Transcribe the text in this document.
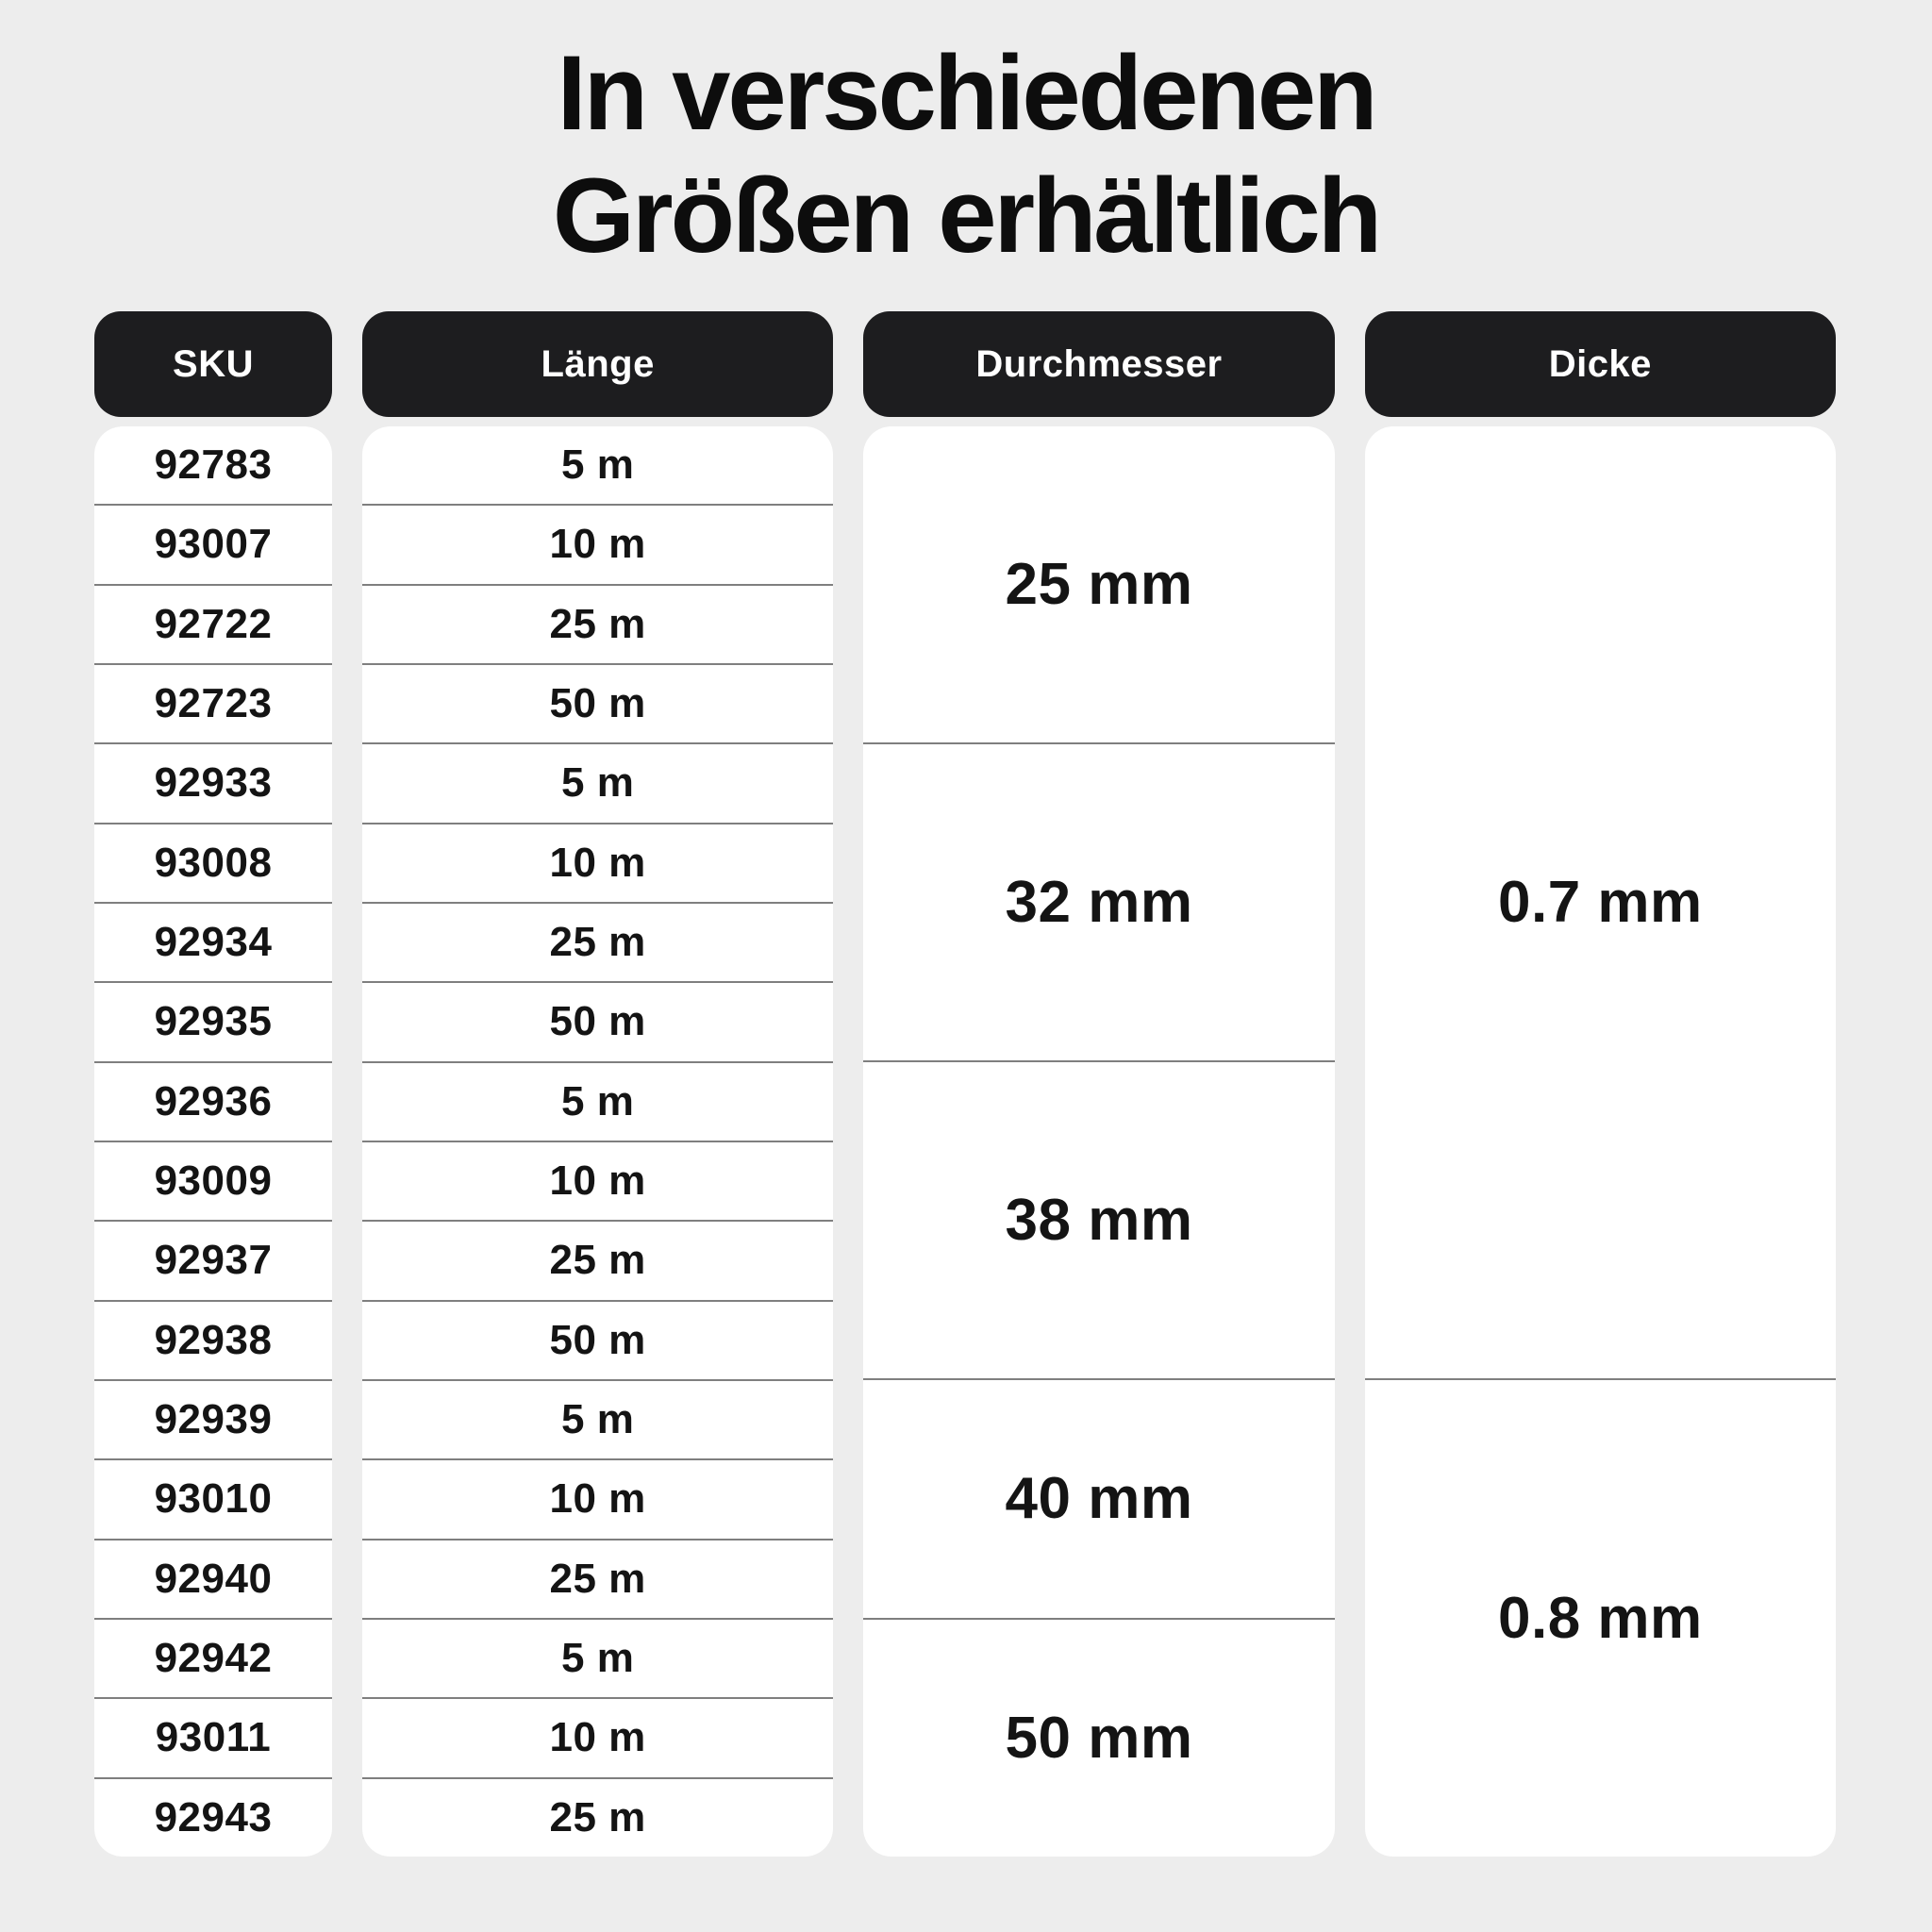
In verschiedenen
Größen erhältlich
SKU
92783
93007
92722
92723
92933
93008
92934
92935
92936
93009
92937
92938
92939
93010
92940
92942
93011
92943
Länge
5 m
10 m
25 m
50 m
5 m
10 m
25 m
50 m
5 m
10 m
25 m
50 m
5 m
10 m
25 m
5 m
10 m
25 m
Durchmesser
25 mm
32 mm
38 mm
40 mm
50 mm
Dicke
0.7 mm
0.8 mm
